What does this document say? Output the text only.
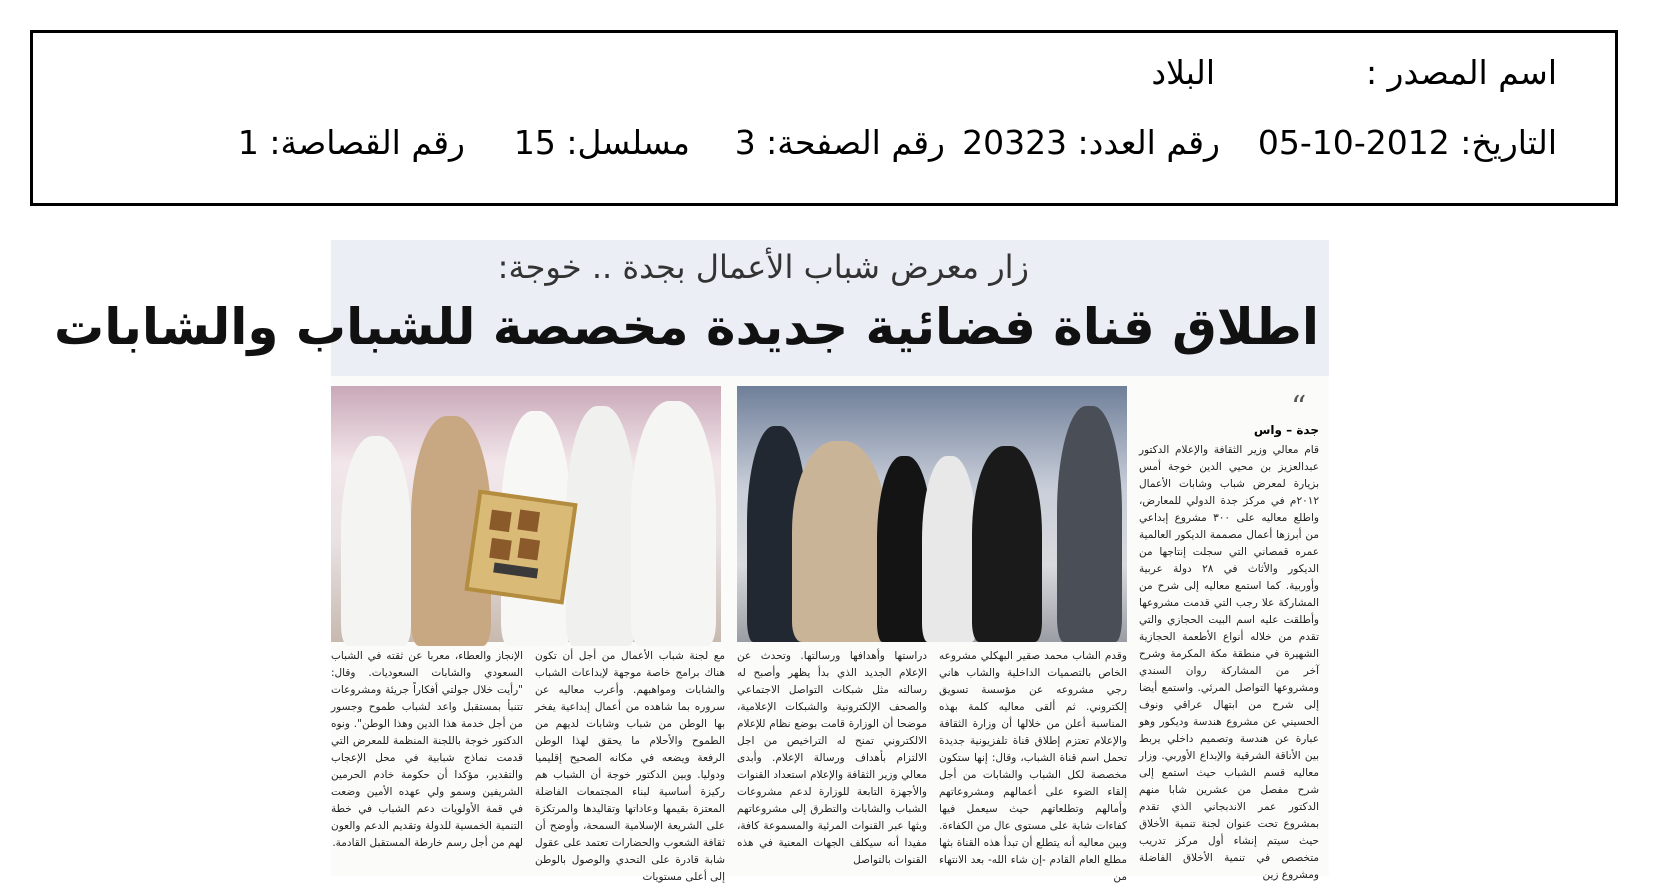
اسم المصدر :
البلاد
التاريخ: 2012-10-05
رقم العدد: 20323
رقم الصفحة: 3
مسلسل: 15
رقم القصاصة: 1
زار معرض شباب الأعمال بجدة .. خوجة:
اطلاق قناة فضائية جديدة مخصصة للشباب والشابات
“
جدة – واس
قام معالي وزير الثقافة والإعلام الدكتور عبدالعزيز بن محيي الدين خوجة أمس بزيارة لمعرض شباب وشابات الأعمال ٢٠١٢م في مركز جدة الدولي للمعارض، واطلع معاليه على ٣٠٠ مشروع إبداعي من أبرزها أعمال مصممة الديكور العالمية عمره قمصاني التي سجلت إنتاجها من الديكور والأثاث في ٢٨ دولة عربية وأوربية. كما استمع معاليه إلى شرح من المشاركة علا رجب التي قدمت مشروعها وأطلقت عليه اسم البيت الحجازي والتي تقدم من خلاله أنواع الأطعمة الحجازية الشهيرة في منطقة مكة المكرمة وشرح آخر من المشاركة روان السندي ومشروعها التواصل المرئي. واستمع أيضا إلى شرح من ابتهال عراقي ونوف الحسيني عن مشروع هندسة وديكور وهو عبارة عن هندسة وتصميم داخلي يربط بين الأناقة الشرقية والإبداع الأوربي. وزار معاليه قسم الشباب حيث استمع إلى شرح مفصل من عشرين شابا منهم الدكتور عمر الاندبجاني الذي تقدم بمشروع تحت عنوان لجنة تنمية الأخلاق حيث سيتم إنشاء أول مركز تدريب متخصص في تنمية الأخلاق الفاضلة ومشروع زين
وقدم الشاب محمد صقير البهكلي مشروعه الخاص بالتصميات الداخلية والشاب هاني رجي مشروعه عن مؤسسة تسويق إلكتروني. ثم ألقى معاليه كلمة بهذه المناسبة أعلن من خلالها أن وزارة الثقافة والإعلام تعتزم إطلاق قناة تلفزيونية جديدة تحمل اسم قناة الشباب، وقال: إنها ستكون مخصصة لكل الشباب والشابات من أجل إلقاء الضوء على أعمالهم ومشروعاتهم وأمالهم وتطلعاتهم حيث سيعمل فيها كفاءات شابة على مستوى عال من الكفاءة. وبين معاليه أنه يتطلع أن تبدأ هذه القناة بثها مطلع العام القادم -إن شاء الله- بعد الانتهاء من
دراستها وأهدافها ورسالتها. وتحدث عن الإعلام الجديد الذي بدأ يظهر وأصبح له رسالته مثل شبكات التواصل الاجتماعي والصحف الإلكترونية والشبكات الإعلامية، موضحا أن الوزارة قامت بوضع نظام للإعلام الالكتروني تمنح له التراخيص من اجل الالتزام بأهداف ورسالة الإعلام. وأبدى معالي وزير الثقافة والإعلام استعداد القنوات والأجهزة التابعة للوزارة لدعم مشروعات الشباب والشابات والتطرق إلى مشروعاتهم وبثها عبر القنوات المرئية والمسموعة كافة، مفيدا أنه سيكلف الجهات المعنية في هذه القنوات بالتواصل
مع لجنة شباب الأعمال من أجل أن تكون هناك برامج خاصة موجهة لإبداعات الشباب والشابات ومواهبهم. وأعرب معاليه عن سروره بما شاهده من أعمال إبداعية يفخر بها الوطن من شباب وشابات لديهم من الطموح والأحلام ما يحقق لهذا الوطن الرفعة ويضعه في مكانه الصحيح إقليميا ودوليا. وبين الدكتور خوجة أن الشباب هم ركيزة أساسية لبناء المجتمعات الفاضلة المعتزة بقيمها وعاداتها وتقاليدها والمرتكزة على الشريعة الإسلامية السمحة، وأوضح أن ثقافة الشعوب والحضارات تعتمد على عقول شابة قادرة على التحدي والوصول بالوطن إلى أعلى مستويات
الإنجاز والعطاء، معربا عن ثقته في الشباب السعودي والشابات السعوديات. وقال: "رأيت خلال جولتي أفكاراً جريئة ومشروعات تتنبأ بمستقبل واعد لشباب طموح وجسور من أجل خدمة هذا الدين وهذا الوطن". ونوه الدكتور خوجة باللجنة المنظمة للمعرض التي قدمت نماذج شبابية في محل الإعجاب والتقدير، مؤكدا أن حكومة خادم الحرمين الشريفين وسمو ولي عهده الأمين وضعت في قمة الأولويات دعم الشباب في خطة التنمية الخمسية للدولة وتقديم الدعم والعون لهم من أجل رسم خارطة المستقبل القادمة.
